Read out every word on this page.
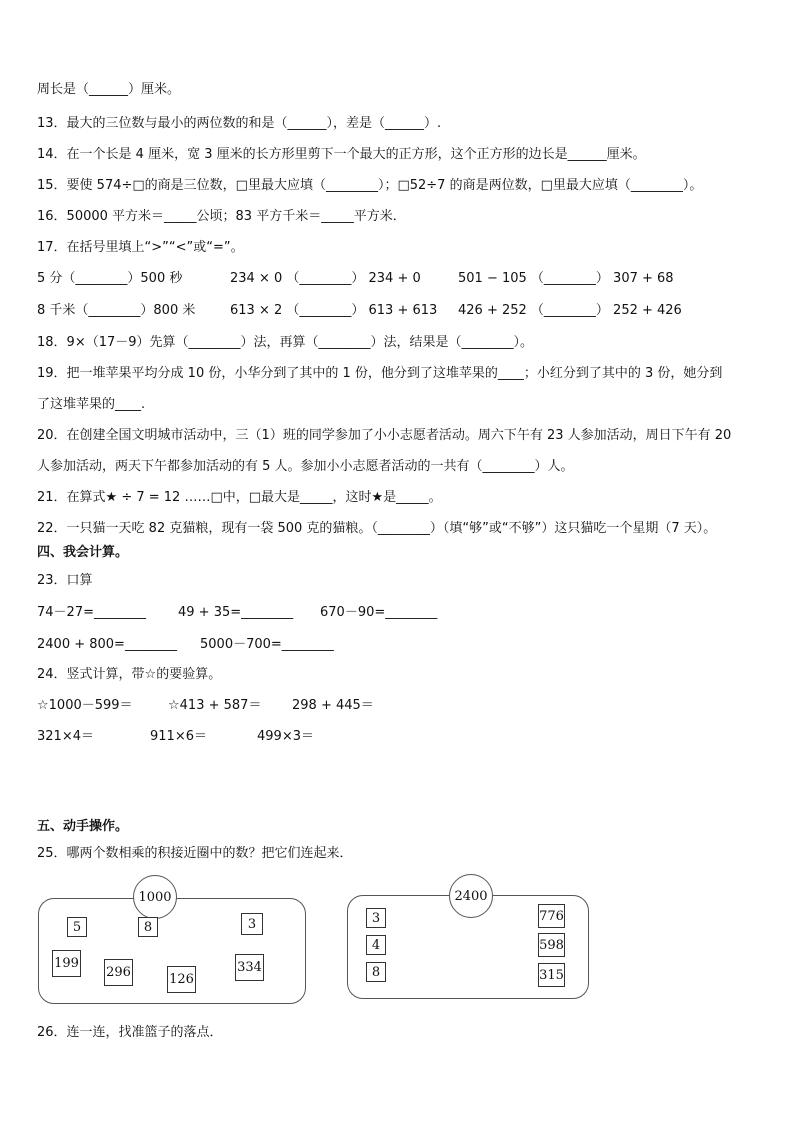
周长是（______）厘米。
13．最大的三位数与最小的两位数的和是（______），差是（______）.
14．在一个长是 4 厘米，宽 3 厘米的长方形里剪下一个最大的正方形，这个正方形的边长是______厘米。
15．要使 574÷□的商是三位数，□里最大应填（________）；□52÷7 的商是两位数，□里最大应填（________）。
16．50000 平方米＝_____公顷；83 平方千米＝_____平方米．
17．在括号里填上“>”“<”或“=”。
5 分（________）500 秒	234 × 0 （________） 234 + 0	501 − 105 （________） 307 + 68
8 千米（________）800 米	613 × 2 （________） 613 + 613 426 + 252 （________） 252 + 426
18．9×（17－9）先算（________）法，再算（________）法，结果是（________）。
19．把一堆苹果平均分成 10 份，小华分到了其中的 1 份，他分到了这堆苹果的____；小红分到了其中的 3 份，她分到
了这堆苹果的____.
20．在创建全国文明城市活动中，三（1）班的同学参加了小小志愿者活动。周六下午有 23 人参加活动，周日下午有 20
人参加活动，两天下午都参加活动的有 5 人。参加小小志愿者活动的一共有（________）人。
21．在算式★ ÷ 7 = 12 ……□中，□最大是_____，这时★是_____。
22．一只猫一天吃 82 克猫粮，现有一袋 500 克的猫粮。（________）（填“够”或“不够”）这只猫吃一个星期（7 天）。
四、我会计算。
23．口算
74－27=________ 49 + 35=________ 670－90=________
2400 + 800=________ 5000－700=________
24．竖式计算，带☆的要验算。
☆1000－599＝	☆413 + 587＝ 298 + 445＝
321×4＝	911×6＝	499×3＝
五、动手操作。
25．哪两个数相乘的积接近圈中的数？把它们连起来．
1000
5	8	3
199
296	126
334
2400
3
4
8
776
598
315
26．连一连，找准篮子的落点．
